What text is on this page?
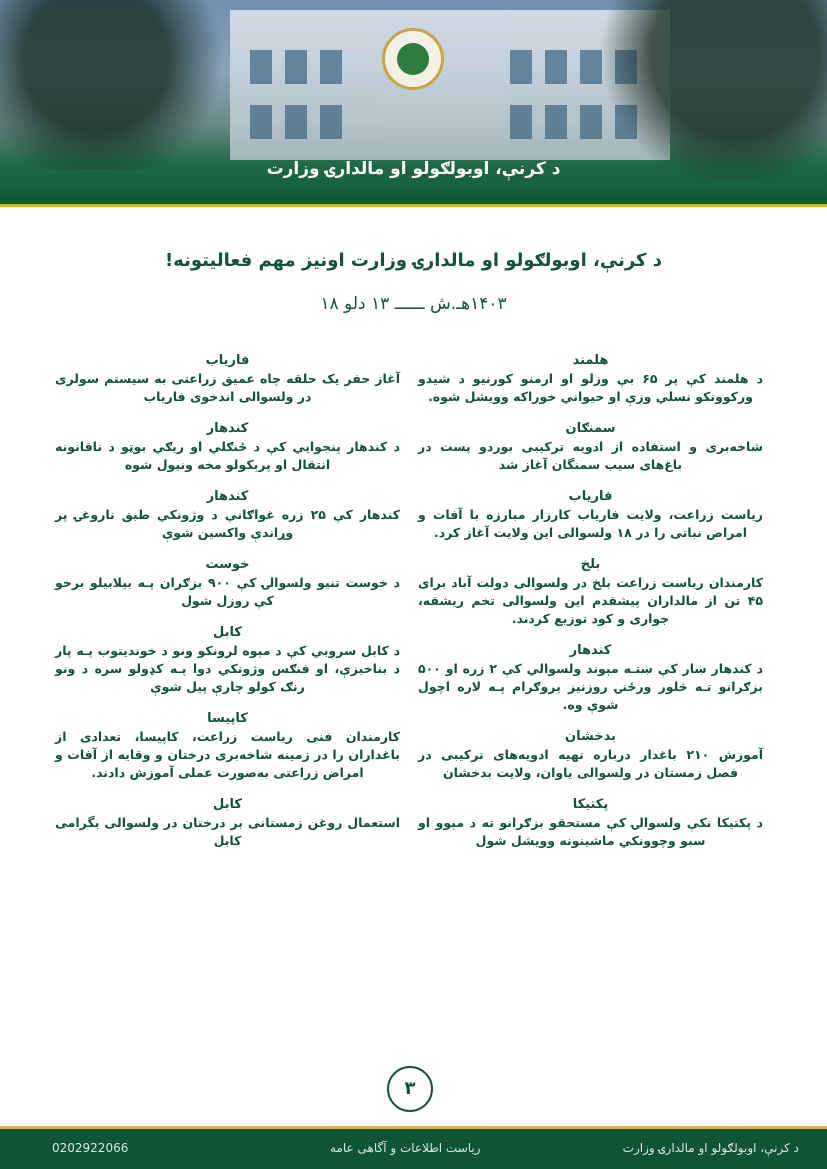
د کرنې، اوبولګولو او مالدارۍ وزارت
د کرنې، اوبولګولو او مالدارۍ وزارت اونيز مهم فعالیتونه!
۱۴۰۳هـ.ش ــــــ ۱۳ دلو ۱۸
هلمند
د هلمند کې پر ۶۵ بې وزلو او ارمنو کورنیو د شیدو ورکوونکو نسلي وزې او حیواني خوراکه وویشل شوه.
سمنګان
شاخه‌بری و استفاده از ادویه ترکیبی بوردو پست در باغ‌های سیب سمنگان آغاز شد
فاریاب
ریاست زراعت، ولایت فاریاب کارزار مبارزه با آفات و امراض نباتی را در ۱۸ ولسوالی این ولایت آغاز کرد.
بلخ
کارمندان ریاست زراعت بلخ در ولسوالی دولت آباد برای ۴۵ تن از مالداران پیشقدم این ولسوالی تخم ریشقه، جواری و کود توزیع کردند.
کندهار
د کندهار ښار کې ښتـه مېوند ولسوالي کې ۲ زره او ۵۰۰ بزګرانو تـه څلور ورځنۍ روزنیز پروګرام پـه لاره اچول شوې وه.
بدخشان
آموزش ۲۱۰ باغدار درباره تهیه ادویه‌های ترکیبی در فصل زمستان در ولسوالی یاوان، ولایت بدخشان
پکتیکا
د پکتیکا نکې ولسوالۍ کې مستحقو بزګرانو ته د مېوو او سبو وچوونکي ماشینونه وویشل شول
فاریاب
آغاز حفر یک حلقه چاه عمیق زراعتی به سیستم سولری در ولسوالی اندخوی فاریاب
کندهار
د کندهار پنجوایي کې د ځنګلي او ریګي بوټو د ناقانونه انتقال او پرېکولو مخه ونیول شوه
کندهار
کندهار کې ۲۵ زره غواګانې د وژونکي طبق ناروغۍ پر وړاندې واکسین شوې
خوست
د خوست تنیو ولسوالۍ کې ۹۰۰ بزګران پـه بیلابیلو برخو کې روزل شول
کابل
د کابل سروبي کې د مېوه لرونکو ونو د خوندیتوب پـه پار د بناخیزې، او فنګس وژونکي دوا پـه کډولو سره د ونو رنګ کولو چارې پیل شوې
کاپیسا
کارمندان فنی ریاست زراعت، کاپیسا، تعدادی از باغداران را در زمینه شاخه‌بری درختان و وقایه از آفات و امراض زراعتی به‌صورت عملی آموزش دادند.
کابل
استعمال روغن زمستانی بر درختان در ولسوالی بگرامی کابل
۳
د کرنې، اوبولګولو او مالدارۍ وزارت
ریاست اطلاعات و آگاهی عامه
0202922066
